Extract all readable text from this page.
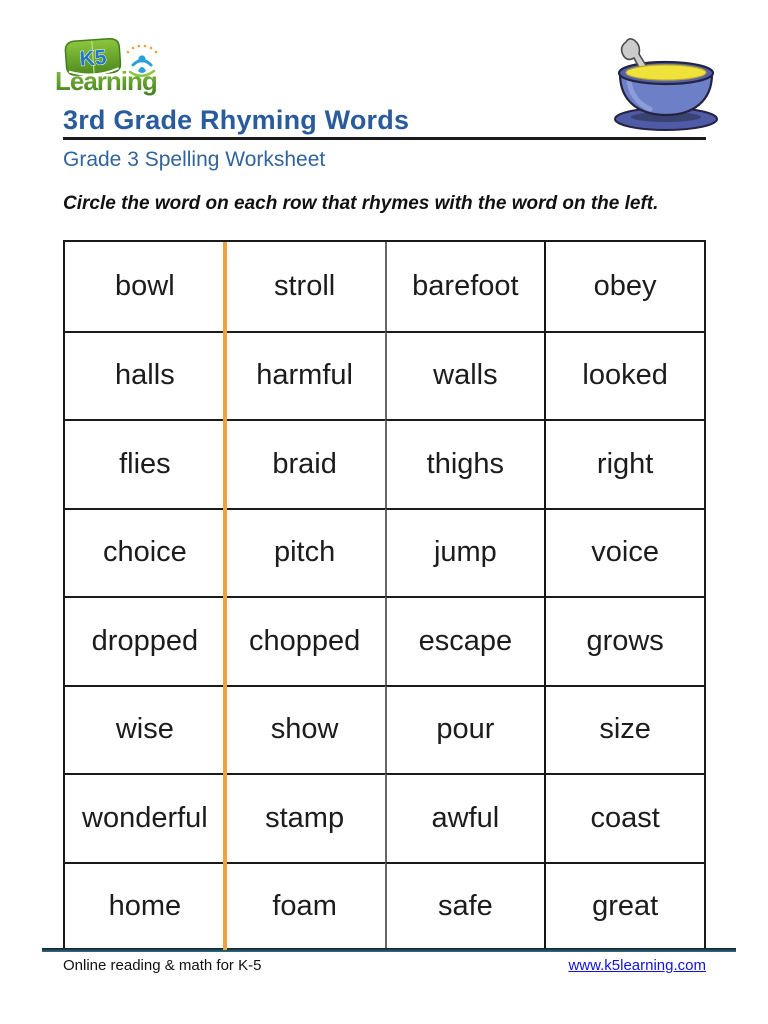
K5
Learning
3rd Grade Rhyming Words
Grade 3 Spelling Worksheet
Circle the word on each row that rhymes with the word on the left.
bowl	stroll	barefoot	obey
halls	harmful	walls	looked
flies	braid	thighs	right
choice	pitch	jump	voice
dropped	chopped	escape	grows
wise	show	pour	size
wonderful	stamp	awful	coast
home	foam	safe	great
Online reading & math for K-5	www.k5learning.com
